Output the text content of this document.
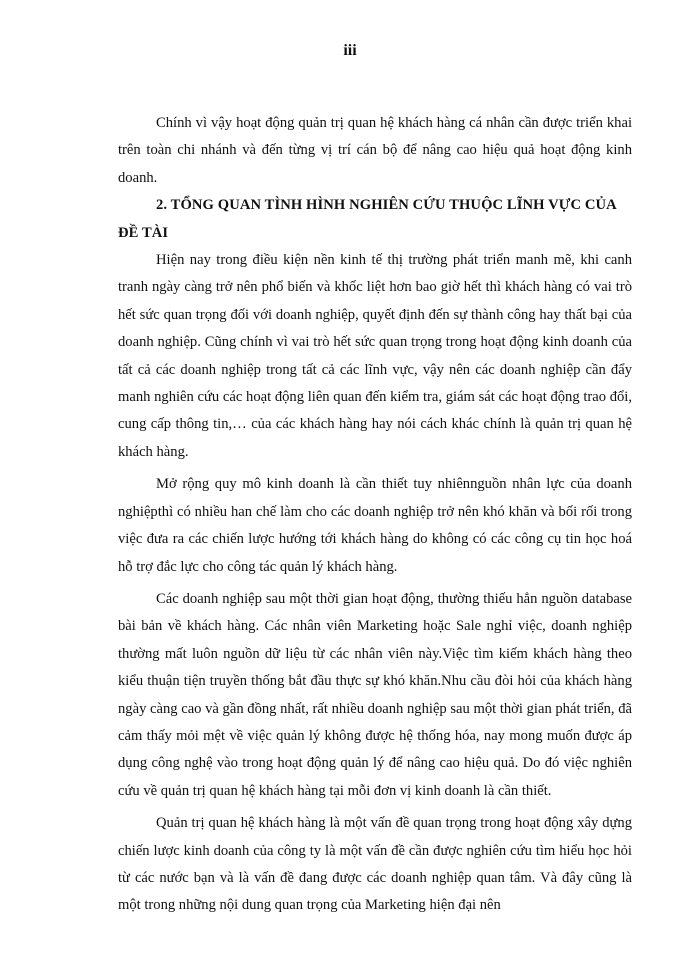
iii

Chính vì vậy hoạt động quản trị quan hệ khách hàng cá nhân cần được triển khai trên toàn chi nhánh và đến từng vị trí cán bộ để nâng cao hiệu quả hoạt động kinh doanh.

2. TỔNG QUAN TÌNH HÌNH NGHIÊN CỨU THUỘC LĨNH VỰC CỦA ĐỀ TÀI

Hiện nay trong điều kiện nền kinh tế thị trường phát triển manh mẽ, khi canh tranh ngày càng trở nên phổ biến và khốc liệt hơn bao giờ hết thì khách hàng có vai trò hết sức quan trọng đối với doanh nghiệp, quyết định đến sự thành công hay thất bại của doanh nghiệp. Cũng chính vì vai trò hết sức quan trọng trong hoạt động kinh doanh của tất cả các doanh nghiệp trong tất cả các lĩnh vực, vậy nên các doanh nghiệp cần đẩy manh nghiên cứu các hoạt động liên quan đến kiểm tra, giám sát các hoạt động trao đổi, cung cấp thông tin,… của các khách hàng hay nói cách khác chính là quản trị quan hệ khách hàng.

Mở rộng quy mô kinh doanh là cần thiết tuy nhiênnguồn nhân lực của doanh nghiệpthì có nhiều han chế làm cho các doanh nghiệp trở nên khó khăn và bối rối trong việc đưa ra các chiến lược hướng tới khách hàng do không có các công cụ tin học hoá hỗ trợ đắc lực cho công tác quản lý khách hàng.

Các doanh nghiệp sau một thời gian hoạt động, thường thiếu hẳn nguồn database bài bản về khách hàng. Các nhân viên Marketing hoặc Sale nghỉ việc, doanh nghiệp thường mất luôn nguồn dữ liệu từ các nhân viên này.Việc tìm kiếm khách hàng theo kiểu thuận tiện truyền thống bắt đầu thực sự khó khăn.Nhu cầu đòi hỏi của khách hàng ngày càng cao và gần đồng nhất, rất nhiều doanh nghiệp sau một thời gian phát triển, đã cảm thấy mỏi mệt về việc quản lý không được hệ thống hóa, nay mong muốn được áp dụng công nghệ vào trong hoạt động quản lý để nâng cao hiệu quả. Do đó việc nghiên cứu về quản trị quan hệ khách hàng tại mỗi đơn vị kinh doanh là cần thiết.

Quản trị quan hệ khách hàng là một vấn đề quan trọng trong hoạt động xây dựng chiến lược kinh doanh của công ty là một vấn đề cần được nghiên cứu tìm hiểu học hỏi từ các nước bạn và là vấn đề đang được các doanh nghiệp quan tâm. Và đây cũng là một trong những nội dung quan trọng của Marketing hiện đại nên
